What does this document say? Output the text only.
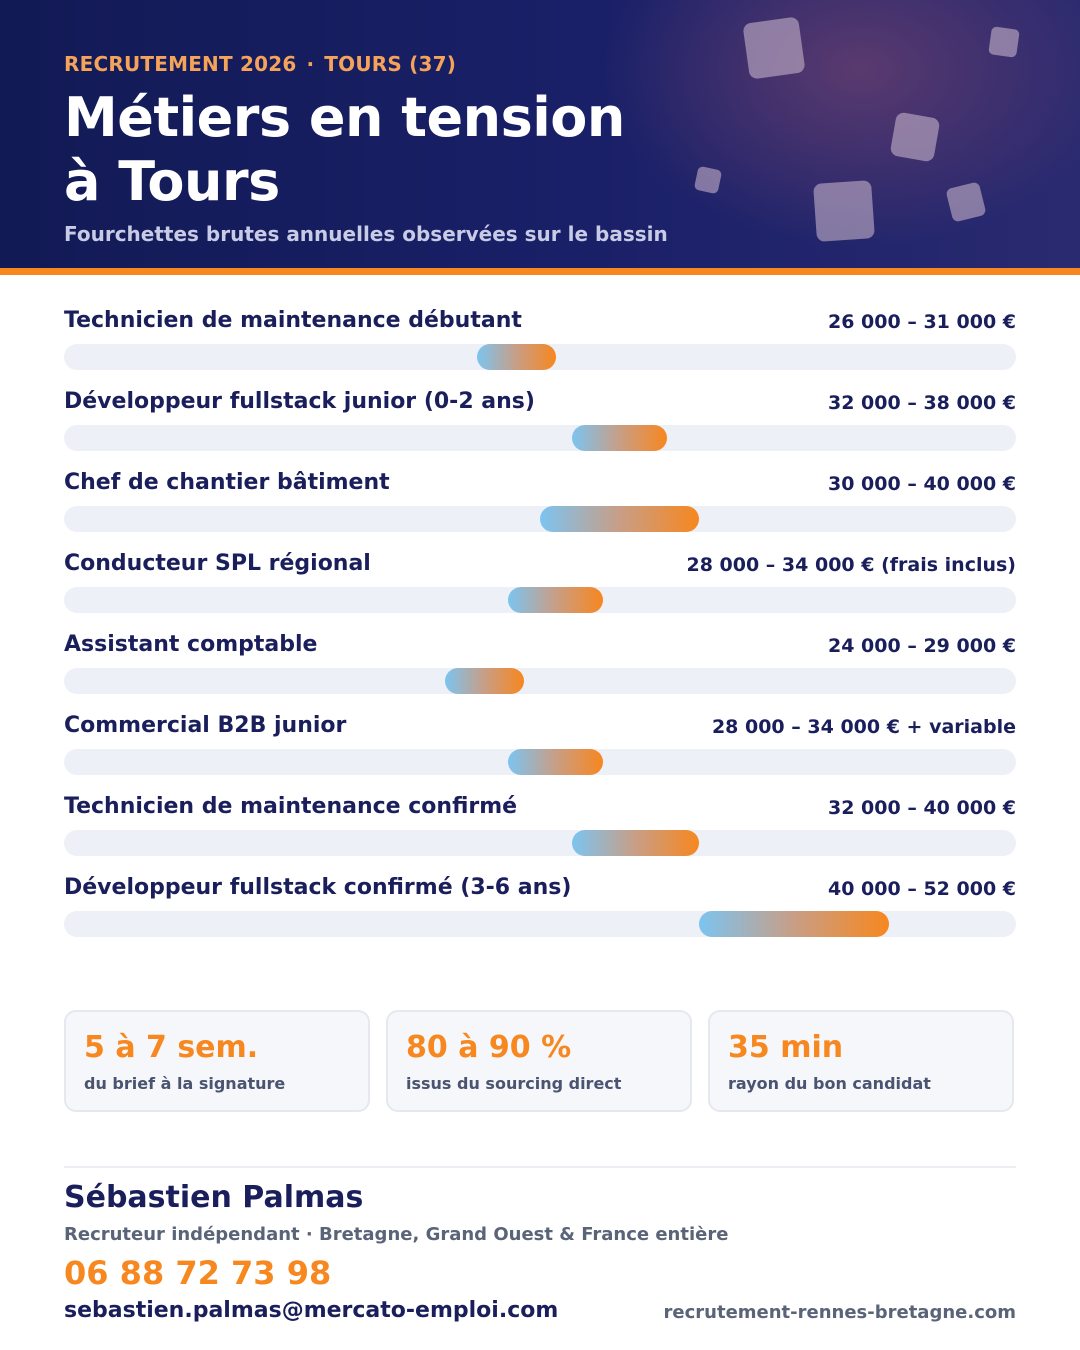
RECRUTEMENT 2026 · TOURS (37)
Métiers en tension
à Tours
Fourchettes brutes annuelles observées sur le bassin
Technicien de maintenance débutant	26 000 – 31 000 €
Développeur fullstack junior (0-2 ans)	32 000 – 38 000 €
Chef de chantier bâtiment	30 000 – 40 000 €
Conducteur SPL régional	28 000 – 34 000 € (frais inclus)
Assistant comptable	24 000 – 29 000 €
Commercial B2B junior	28 000 – 34 000 € + variable
Technicien de maintenance confirmé	32 000 – 40 000 €
Développeur fullstack confirmé (3-6 ans)	40 000 – 52 000 €
5 à 7 sem.
du brief à la signature
80 à 90 %
issus du sourcing direct
35 min
rayon du bon candidat
Sébastien Palmas
Recruteur indépendant · Bretagne, Grand Ouest & France entière
06 88 72 73 98
sebastien.palmas@mercato-emploi.com	recrutement-rennes-bretagne.com
